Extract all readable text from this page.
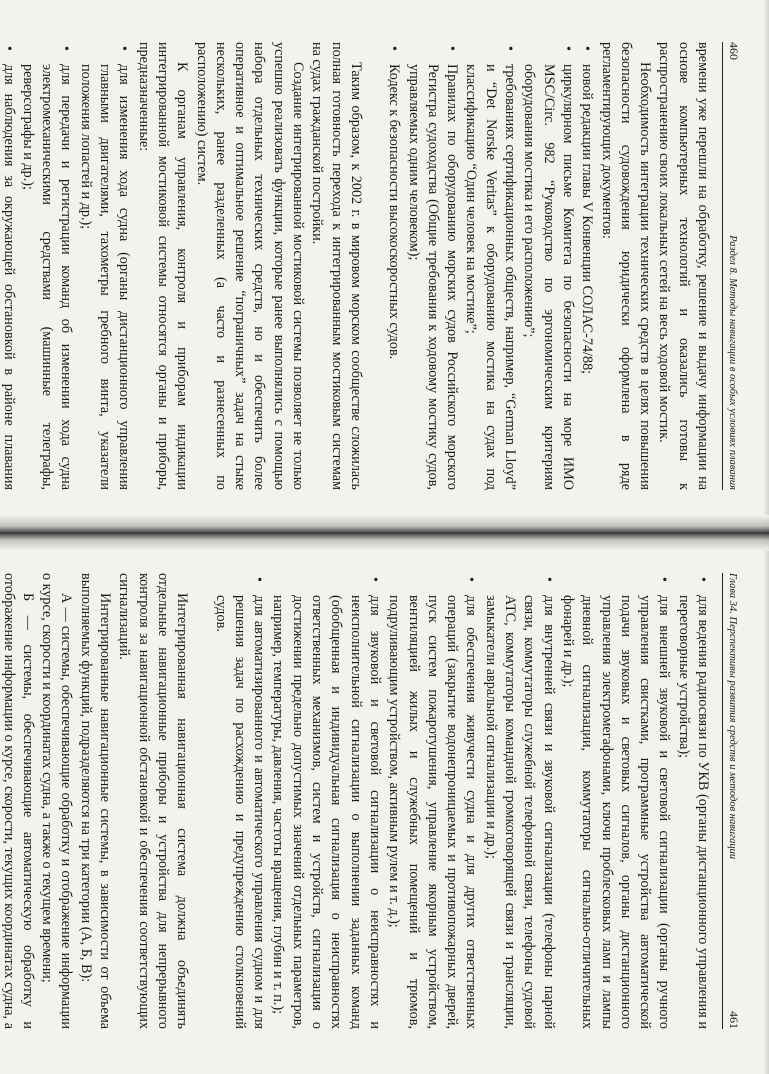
460
Раздел 8. Методы навигации в особых условиях плавания

времени уже перешли на обработку, решение и выдачу информации на основе компьютерных технологий и оказались готовы к распространению своих локальных сетей на весь ходовой мостик.

Необходимость интеграции технических средств в целях повышения безопасности судовождения юридически оформлена в ряде регламентирующих документов:

• новой редакции главы V Конвенции СОЛАС-74/88;
• циркулярном письме Комитета по безопасности на море ИМО MSC/Circ. 982 “Руководство по эргономическим критериям оборудования мостика и его расположению”;
• требованиях сертификационных обществ, например, “German Lloyd” и “Det Norske Veritas” к оборудованию мостика на судах под классификацию “Один человек на мостике”;
• Правилах по оборудованию морских судов Российского морского Регистра судоходства (Общие требования к ходовому мостику судов, управляемых одним человеком);
• Кодекс к безопасности высокоскоростных судов.

Таким образом, к 2002 г. в мировом морском сообществе сложилась полная готовность перехода к интегрированным мостиковым системам на судах гражданской постройки.

Создание интегрированной мостиковой системы позволяет не только успешно реализовать функции, которые ранее выполнялись с помощью набора отдельных технических средств, но и обеспечить более оперативное и оптимальное решение “пограничных” задач на стыке нескольких, ранее разделенных (а часто и разнесенных по расположению) систем.

К органам управления, контроля и приборам индикации интегрированной мостиковой системы относятся органы и приборы, предназначенные:

• для изменения хода судна (органы дистанционного управления главными двигателями, тахометры гребного винта, указатели положения лопастей и др.);
• для передачи и регистрации команд об изменении хода судна электромеханическими средствами (машинные телеграфы, реверсографы и др.);
• для наблюдения за окружающей обстановкой в районе плавания
Глава 34. Перспективы развития средств и методов навигации
461
• для ведения радиосвязи по УКВ (органы дистанционного управления и переговорные устройства);
• для внешней звуковой и световой сигнализации (органы ручного управления свистками, программные устройства автоматической подачи звуковых и световых сигналов, органы дистанционного управления электромегафонами, ключи проблесковых ламп и лампы дневной сигнализации, коммутаторы сигнально-отличительных фонарей и др.);
• для внутренней связи и звуковой сигнализации (телефоны парной связи, коммутаторы служебной телефонной связи, телефоны судовой АТС, коммутаторы командной громкоговорящей связи и трансляции, замыкатели авральной сигнализации и др.);
• для обеспечения живучести судна и для других ответственных операций (закрытие водонепроницаемых и противопожарных дверей, пуск систем пожаротушения, управление якорным устройством, вентиляцией жилых и служебных помещений и трюмов, подруливающим устройством, активным рулем и т. д.);
• для звуковой и световой сигнализации о неисправностях и неисполнительной сигнализации о выполнении заданных команд (обобщенная и индивидуальная сигнализация о неисправностях ответственных механизмов, систем и устройств, сигнализация о достижении предельно допустимых значений отдельных параметров, например, температуры, давления, частоты вращения, глубин и т. п.);
• для автоматизированного и автоматического управления судном и для решения задач по расхождению и предупреждению столкновений судов.

Интегрированная навигационная система должна объединять отдельные навигационные приборы и устройства для непрерывного контроля за навигационной обстановкой и обеспечения соответствующих сигнализаций.

Интегрированные навигационные системы, в зависимости от объема выполняемых функций, подразделяются на три категории (А, Б, В):

А — системы, обеспечивающие обработку и отображение информации о курсе, скорости и координатах судна, а также о текущем времени;

Б — системы, обеспечивающие автоматическую обработку и отображение информации о курсе, скорости, текущих координатах судна, а
